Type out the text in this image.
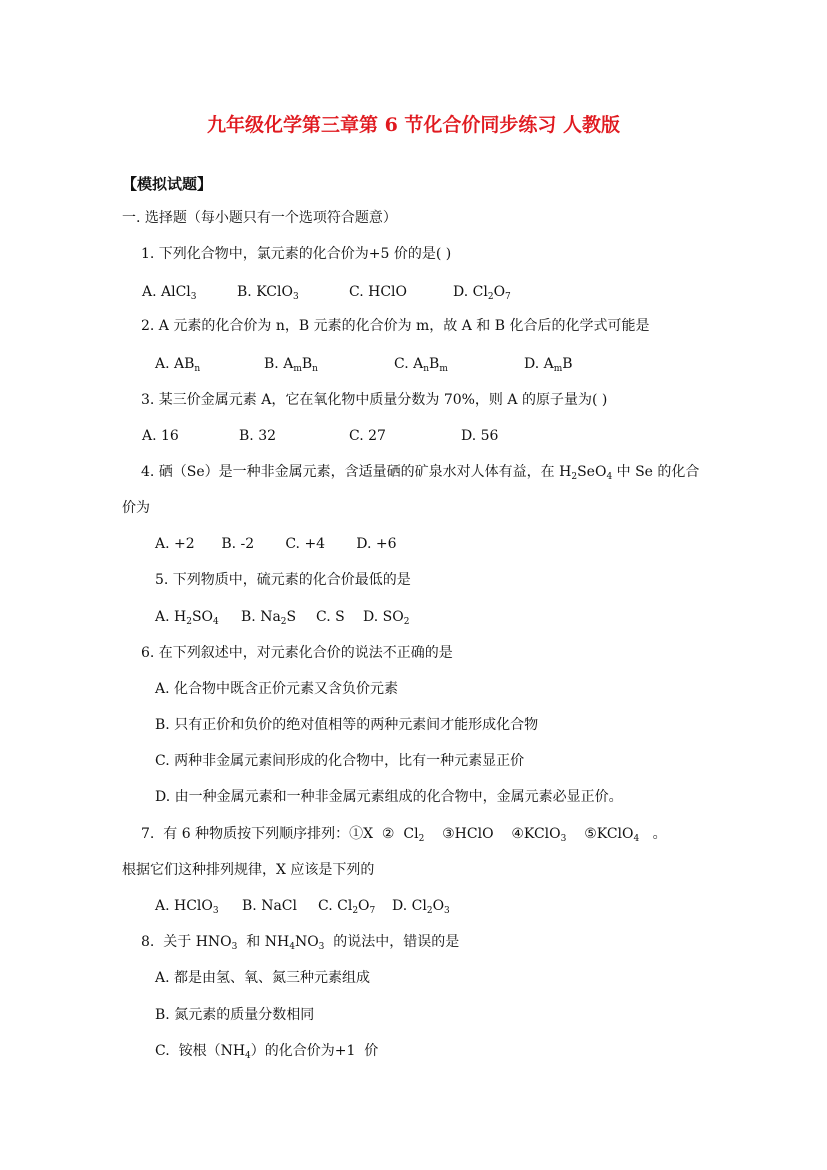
九年级化学第三章第 6 节化合价同步练习 人教版
【模拟试题】
一. 选择题（每小题只有一个选项符合题意）
1. 下列化合物中，氯元素的化合价为+5 价的是( )
A. AlCl$_3$	B. KClO$_3$	C. HClO	D. $Cl_2O_7$
2. A 元素的化合价为 n，B 元素的化合价为 m，故 A 和 B 化合后的化学式可能是
A. $AB_n$	B. $A_mB_n$	C. $A_nB_m$	D. $A_mB$
3. 某三价金属元素 A，它在氧化物中质量分数为 70%，则 A 的原子量为( )
A. 16	B. 32	C. 27	D. 56
4. 硒（Se）是一种非金属元素，含适量硒的矿泉水对人体有益，在 $H_2SeO_4$ 中 Se 的化合
价为
A. +2      B. -2       C. +4       D. +6
5. 下列物质中，硫元素的化合价最低的是
A. $H_2SO_4$ B. $Na_2S$ C. S D. $SO_2$
6. 在下列叙述中，对元素化合价的说法不正确的是
A. 化合物中既含正价元素又含负价元素
B. 只有正价和负价的绝对值相等的两种元素间才能形成化合物
C. 两种非金属元素间形成的化合物中，比有一种元素显正价
D. 由一种金属元素和一种非金属元素组成的化合物中，金属元素必显正价。
7.  有 6 种物质按下列顺序排列：①X  ②  $Cl_2$    ③HClO    ④KClO$_3$    ⑤KClO$_4$   。
根据它们这种排列规律，X 应该是下列的
A. HClO$_3$ B. NaCl C. $Cl_2O_7$ D. $Cl_2O_3$
8.  关于 $HNO_3$  和 $NH_4NO_3$  的说法中，错误的是
A. 都是由氢、氧、氮三种元素组成
B. 氮元素的质量分数相同
C.  铵根$(NH_4)$的化合价为+1  价
